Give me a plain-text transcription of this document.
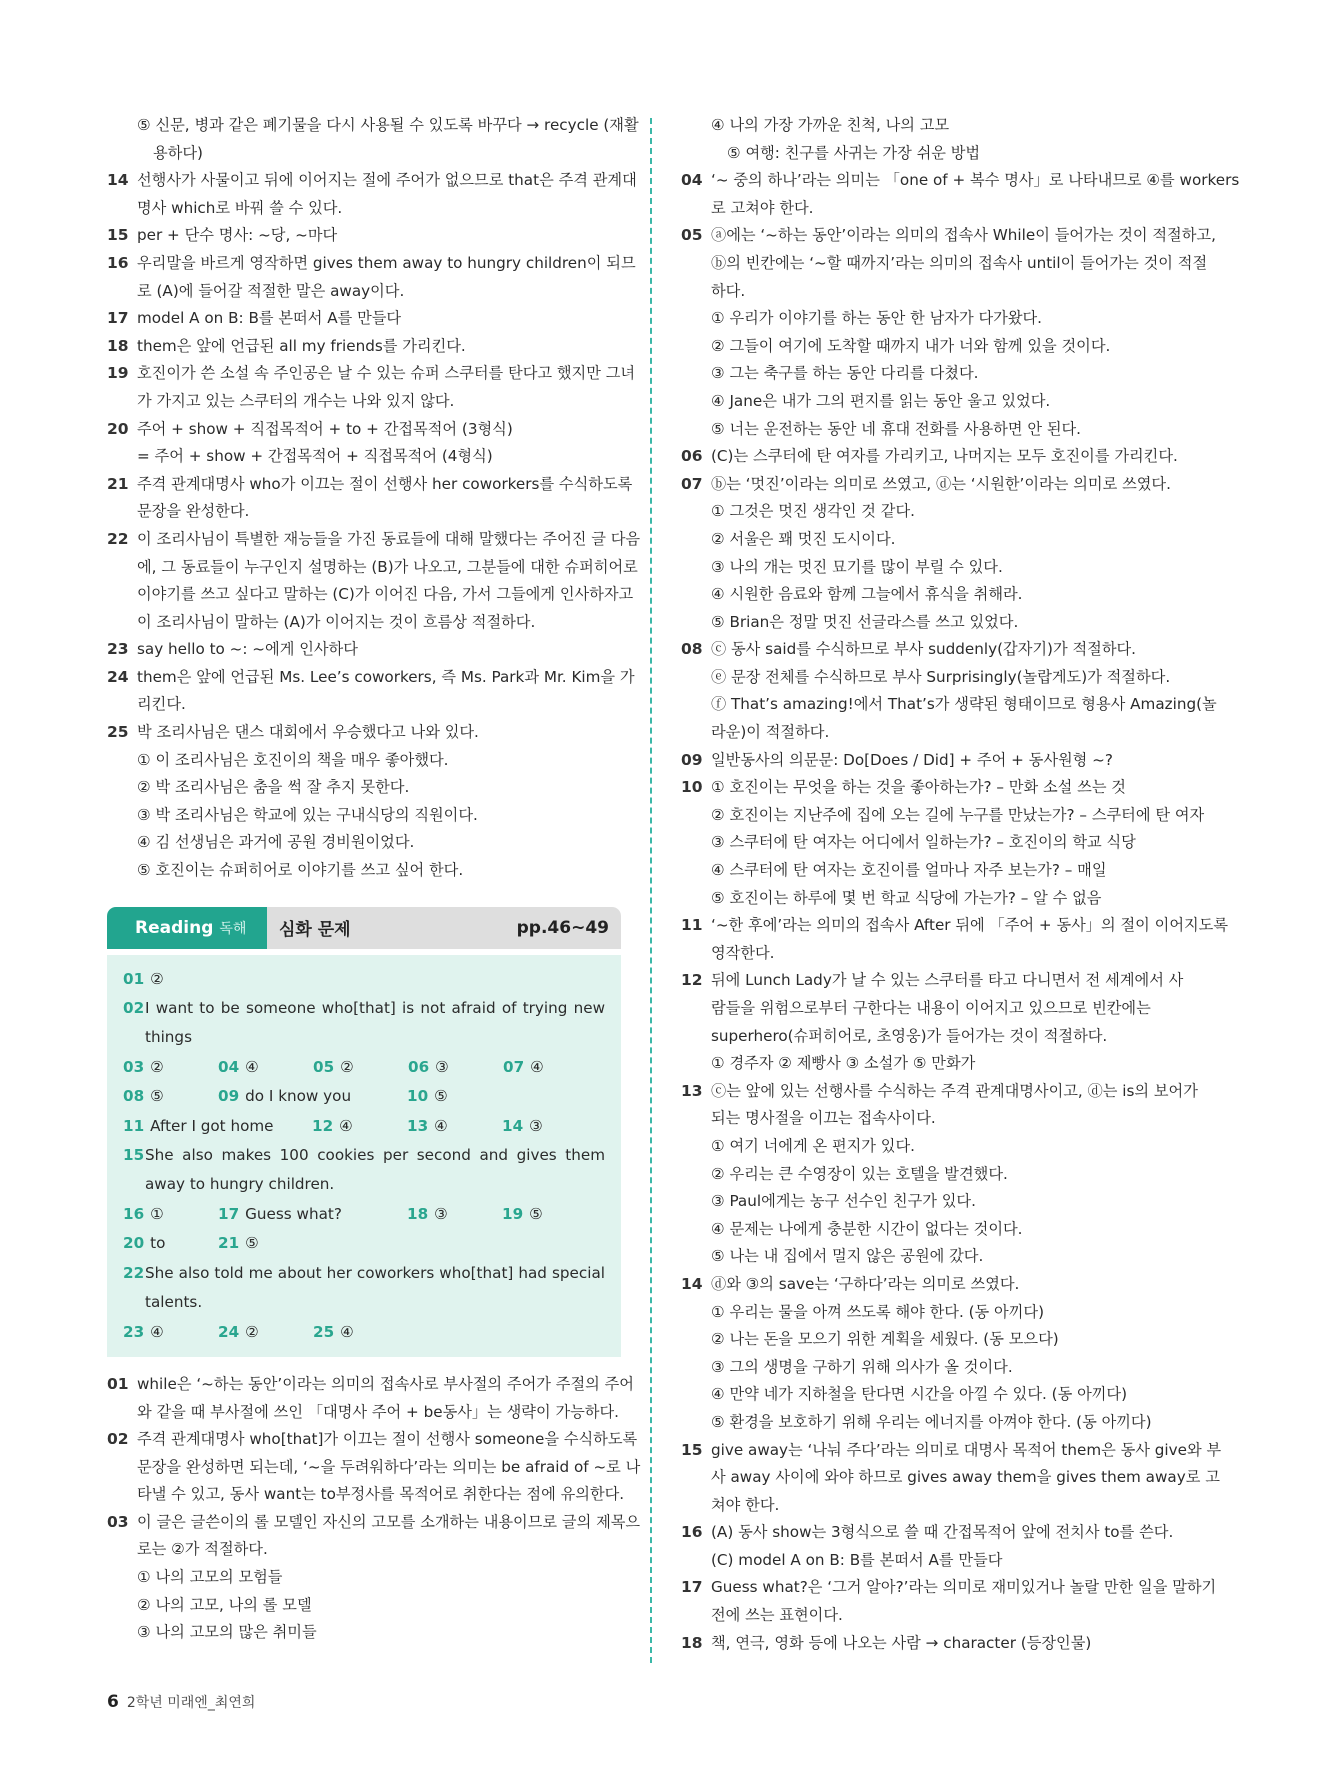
⑤ 신문, 병과 같은 폐기물을 다시 사용될 수 있도록 바꾸다 → recycle (재활
용하다)
14 선행사가 사물이고 뒤에 이어지는 절에 주어가 없으므로 that은 주격 관계대
명사 which로 바꿔 쓸 수 있다.
15 per + 단수 명사: ~당, ~마다
16 우리말을 바르게 영작하면 gives them away to hungry children이 되므
로 (A)에 들어갈 적절한 말은 away이다.
17 model A on B: B를 본떠서 A를 만들다
18 them은 앞에 언급된 all my friends를 가리킨다.
19 호진이가 쓴 소설 속 주인공은 날 수 있는 슈퍼 스쿠터를 탄다고 했지만 그녀
가 가지고 있는 스쿠터의 개수는 나와 있지 않다.
20 주어 + show + 직접목적어 + to + 간접목적어 (3형식)
= 주어 + show + 간접목적어 + 직접목적어 (4형식)
21 주격 관계대명사 who가 이끄는 절이 선행사 her coworkers를 수식하도록
문장을 완성한다.
22 이 조리사님이 특별한 재능들을 가진 동료들에 대해 말했다는 주어진 글 다음
에, 그 동료들이 누구인지 설명하는 (B)가 나오고, 그분들에 대한 슈퍼히어로
이야기를 쓰고 싶다고 말하는 (C)가 이어진 다음, 가서 그들에게 인사하자고
이 조리사님이 말하는 (A)가 이어지는 것이 흐름상 적절하다.
23 say hello to ~: ~에게 인사하다
24 them은 앞에 언급된 Ms. Lee’s coworkers, 즉 Ms. Park과 Mr. Kim을 가
리킨다.
25 박 조리사님은 댄스 대회에서 우승했다고 나와 있다.
① 이 조리사님은 호진이의 책을 매우 좋아했다.
② 박 조리사님은 춤을 썩 잘 추지 못한다.
③ 박 조리사님은 학교에 있는 구내식당의 직원이다.
④ 김 선생님은 과거에 공원 경비원이었다.
⑤ 호진이는 슈퍼히어로 이야기를 쓰고 싶어 한다.
Reading 독해 심화 문제	pp.46~49
01 ②
02 I want to be someone who[that] is not afraid of trying new things
03 ②	04 ④	05 ②	06 ③	07 ④
08 ⑤	09 do I know you	10 ⑤
11 After I got home	12 ④	13 ④	14 ③
15 She also makes 100 cookies per second and gives them away to hungry children.
16 ①	17 Guess what?	18 ③	19 ⑤
20 to	21 ⑤
22 She also told me about her coworkers who[that] had special talents.
23 ④	24 ②	25 ④
01 while은 ‘~하는 동안’이라는 의미의 접속사로 부사절의 주어가 주절의 주어
와 같을 때 부사절에 쓰인 「대명사 주어 + be동사」는 생략이 가능하다.
02 주격 관계대명사 who[that]가 이끄는 절이 선행사 someone을 수식하도록
문장을 완성하면 되는데, ‘~을 두려워하다’라는 의미는 be afraid of ~로 나
타낼 수 있고, 동사 want는 to부정사를 목적어로 취한다는 점에 유의한다.
03 이 글은 글쓴이의 롤 모델인 자신의 고모를 소개하는 내용이므로 글의 제목으
로는 ②가 적절하다.
① 나의 고모의 모험들
② 나의 고모, 나의 롤 모델
③ 나의 고모의 많은 취미들
④ 나의 가장 가까운 친척, 나의 고모
⑤ 여행: 친구를 사귀는 가장 쉬운 방법
04 ‘~ 중의 하나’라는 의미는 「one of + 복수 명사」로 나타내므로 ④를 workers
로 고쳐야 한다.
05 ⓐ에는 ‘~하는 동안’이라는 의미의 접속사 While이 들어가는 것이 적절하고,
ⓑ의 빈칸에는 ‘~할 때까지’라는 의미의 접속사 until이 들어가는 것이 적절
하다.
① 우리가 이야기를 하는 동안 한 남자가 다가왔다.
② 그들이 여기에 도착할 때까지 내가 너와 함께 있을 것이다.
③ 그는 축구를 하는 동안 다리를 다쳤다.
④ Jane은 내가 그의 편지를 읽는 동안 울고 있었다.
⑤ 너는 운전하는 동안 네 휴대 전화를 사용하면 안 된다.
06 (C)는 스쿠터에 탄 여자를 가리키고, 나머지는 모두 호진이를 가리킨다.
07 ⓑ는 ‘멋진’이라는 의미로 쓰였고, ⓓ는 ‘시원한’이라는 의미로 쓰였다.
① 그것은 멋진 생각인 것 같다.
② 서울은 꽤 멋진 도시이다.
③ 나의 개는 멋진 묘기를 많이 부릴 수 있다.
④ 시원한 음료와 함께 그늘에서 휴식을 취해라.
⑤ Brian은 정말 멋진 선글라스를 쓰고 있었다.
08 ⓒ 동사 said를 수식하므로 부사 suddenly(갑자기)가 적절하다.
ⓔ 문장 전체를 수식하므로 부사 Surprisingly(놀랍게도)가 적절하다.
ⓕ That’s amazing!에서 That’s가 생략된 형태이므로 형용사 Amazing(놀
라운)이 적절하다.
09 일반동사의 의문문: Do[Does / Did] + 주어 + 동사원형 ~?
10 ① 호진이는 무엇을 하는 것을 좋아하는가? – 만화 소설 쓰는 것
② 호진이는 지난주에 집에 오는 길에 누구를 만났는가? – 스쿠터에 탄 여자
③ 스쿠터에 탄 여자는 어디에서 일하는가? – 호진이의 학교 식당
④ 스쿠터에 탄 여자는 호진이를 얼마나 자주 보는가? – 매일
⑤ 호진이는 하루에 몇 번 학교 식당에 가는가? – 알 수 없음
11 ‘~한 후에’라는 의미의 접속사 After 뒤에 「주어 + 동사」의 절이 이어지도록
영작한다.
12 뒤에 Lunch Lady가 날 수 있는 스쿠터를 타고 다니면서 전 세계에서 사
람들을 위험으로부터 구한다는 내용이 이어지고 있으므로 빈칸에는
superhero(슈퍼히어로, 초영웅)가 들어가는 것이 적절하다.
① 경주자 ② 제빵사 ③ 소설가 ⑤ 만화가
13 ⓒ는 앞에 있는 선행사를 수식하는 주격 관계대명사이고, ⓓ는 is의 보어가
되는 명사절을 이끄는 접속사이다.
① 여기 너에게 온 편지가 있다.
② 우리는 큰 수영장이 있는 호텔을 발견했다.
③ Paul에게는 농구 선수인 친구가 있다.
④ 문제는 나에게 충분한 시간이 없다는 것이다.
⑤ 나는 내 집에서 멀지 않은 공원에 갔다.
14 ⓓ와 ③의 save는 ‘구하다’라는 의미로 쓰였다.
① 우리는 물을 아껴 쓰도록 해야 한다. (동 아끼다)
② 나는 돈을 모으기 위한 계획을 세웠다. (동 모으다)
③ 그의 생명을 구하기 위해 의사가 올 것이다.
④ 만약 네가 지하철을 탄다면 시간을 아낄 수 있다. (동 아끼다)
⑤ 환경을 보호하기 위해 우리는 에너지를 아껴야 한다. (동 아끼다)
15 give away는 ‘나눠 주다’라는 의미로 대명사 목적어 them은 동사 give와 부
사 away 사이에 와야 하므로 gives away them을 gives them away로 고
쳐야 한다.
16 (A) 동사 show는 3형식으로 쓸 때 간접목적어 앞에 전치사 to를 쓴다.
(C) model A on B: B를 본떠서 A를 만들다
17 Guess what?은 ‘그거 알아?’라는 의미로 재미있거나 놀랄 만한 일을 말하기
전에 쓰는 표현이다.
18 책, 연극, 영화 등에 나오는 사람 → character (등장인물)
6 2학년 미래엔_최연희
